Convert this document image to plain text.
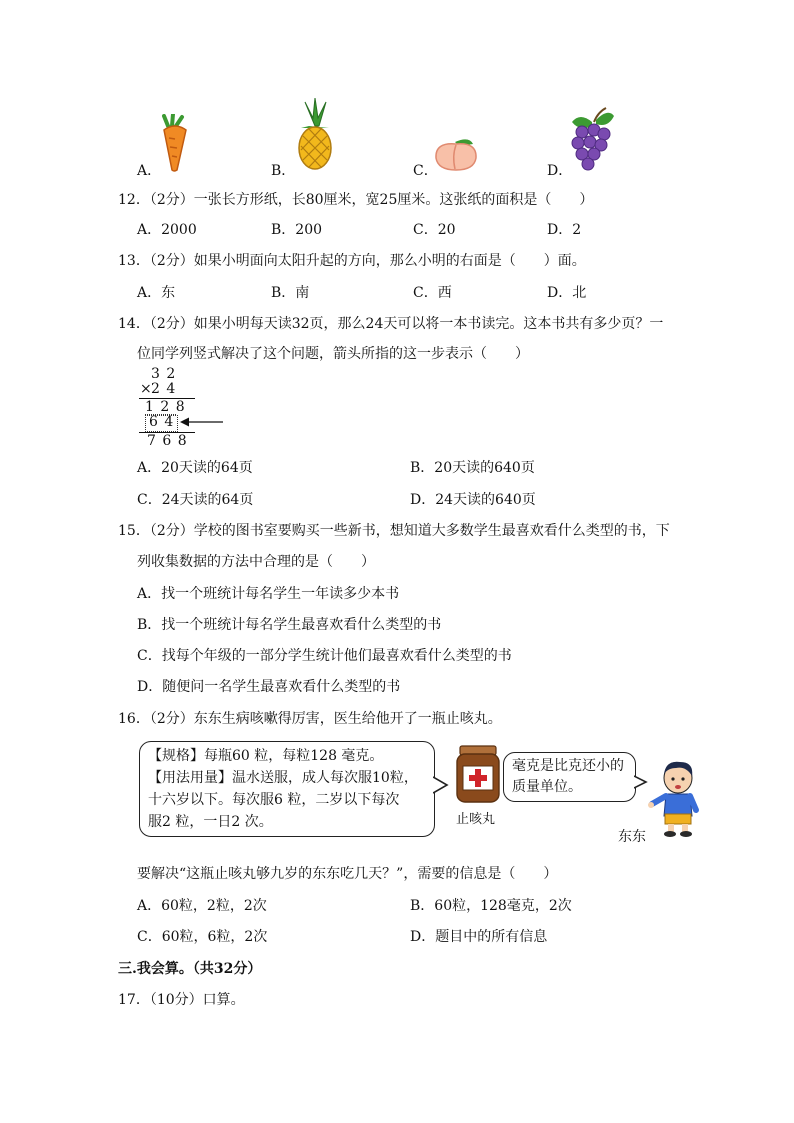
A．	B．	C．	D．
12．（2分）一张长方形纸，长80厘米，宽25厘米。这张纸的面积是（　　）
A．2000	B．200	C．20	D．2
13．（2分）如果小明面向太阳升起的方向，那么小明的右面是（　　）面。
A．东	B．南	C．西	D．北
14．（2分）如果小明每天读32页，那么24天可以将一本书读完。这本书共有多少页？一
位同学列竖式解决了这个问题，箭头所指的这一步表示（　　）
3 2
× 2 4
1 2 8
6 4
7 6 8
A．20天读的64页	B．20天读的640页
C．24天读的64页	D．24天读的640页
15．（2分）学校的图书室要购买一些新书，想知道大多数学生最喜欢看什么类型的书，下
列收集数据的方法中合理的是（　　）
A．找一个班统计每名学生一年读多少本书
B．找一个班统计每名学生最喜欢看什么类型的书
C．找每个年级的一部分学生统计他们最喜欢看什么类型的书
D．随便问一名学生最喜欢看什么类型的书
16．（2分）东东生病咳嗽得厉害，医生给他开了一瓶止咳丸。
【规格】每瓶60 粒，每粒128 毫克。
【用法用量】温水送服，成人每次服10粒，
十六岁以下。每次服6 粒，二岁以下每次
服2 粒，一日2 次。	止咳丸
毫克是比克还小的
质量单位。
东东
要解决“这瓶止咳丸够九岁的东东吃几天？”，需要的信息是（　　）
A．60粒，2粒，2次	B．60粒，128毫克，2次
C．60粒，6粒，2次	D．题目中的所有信息
三.我会算。（共32分）
17．（10分）口算。
